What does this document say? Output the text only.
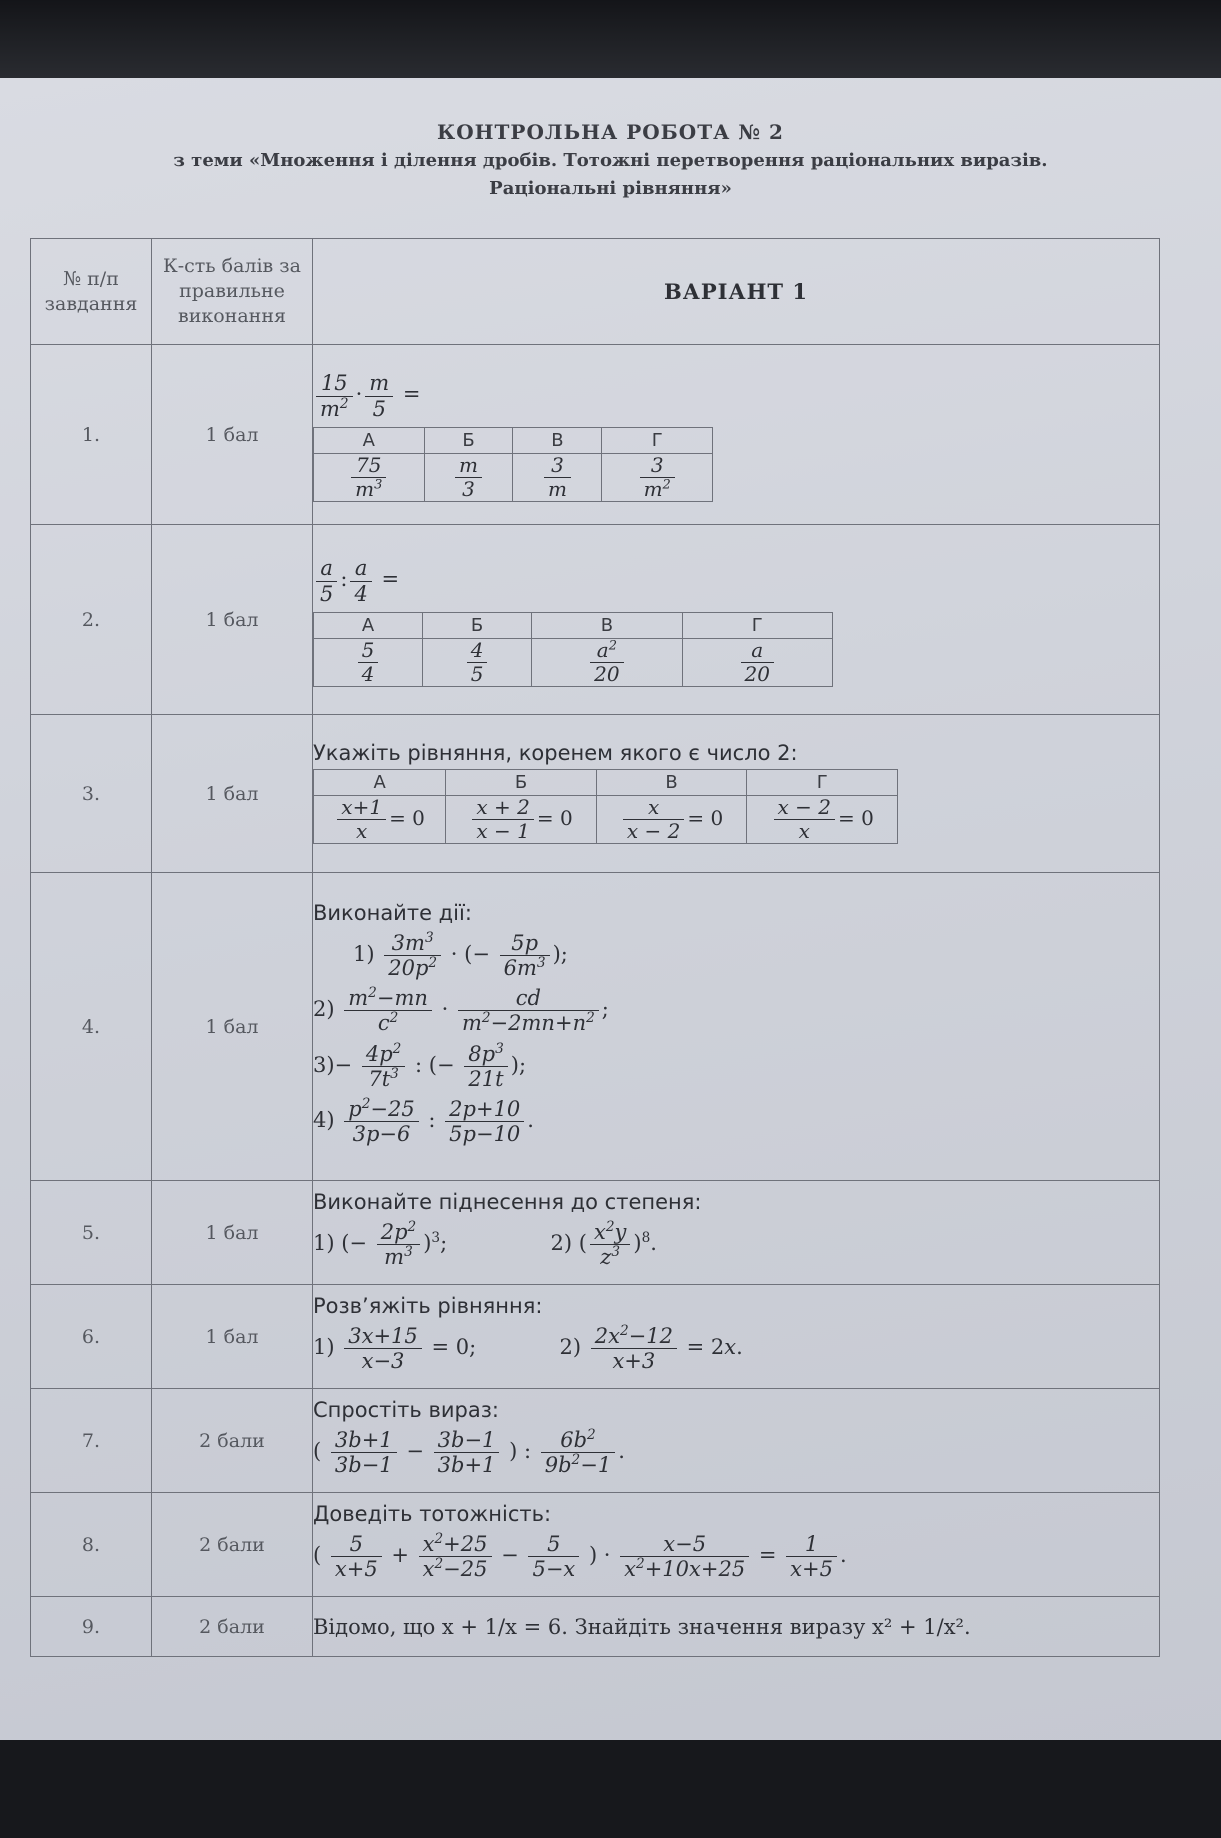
КОНТРОЛЬНА РОБОТА № 2
з теми «Множення і ділення дробів. Тотожні перетворення раціональних виразів.
Раціональні рівняння»
№ п/п завдання	К-сть балів за правильне виконання	ВАРІАНТ 1
1.	1 бал	
$\frac{15}{m^2} \cdot \frac{m}{5}$ =
А	Б	В	Г

$\frac{75}{m^3}$	$\frac{m}{3}$	$\frac{3}{m}$	$\frac{3}{m^2}$

2.	1 бал	
$\frac{a}{5}$ : $\frac{a}{4}$ =
А	Б	В	Г

$\frac{5}{4}$	$\frac{4}{5}$	$\frac{a^2}{20}$	$\frac{a}{20}$

3.	1 бал	
Укажіть рівняння, коренем якого є число 2:
А	Б	В	Г

$\frac{x+1}{x} = 0$	$\frac{x + 2}{x - 1} = 0$	$\frac{x}{x - 2} = 0$	$\frac{x - 2}{x} = 0$

4.	1 бал	
Виконайте дії:
$1) \frac{3m^3}{20p^2}$ · (− $\frac{5p}{6m^3}$ );
$2) \frac{m^2-mn}{c^2} \cdot \frac{cd}{m^2-2mn+n^2}$ ;
$3)- \frac{4p^2}{7t^3}$ : (− $\frac{8p^3}{21t}$ );
$4) \frac{p^2-25}{3p-6}$ : $\frac{2p+10}{5p-10}$ .

5.	1 бал	
Виконайте піднесення до степеня:
1) (− $\frac{2p^2}{m^3} )^3$;	2) ( $\frac{x^2y}{z^3} )^8$.

6.	1 бал	
Розв’яжіть рівняння:
$1) \frac{3x+15}{x-3} = 0$;	$2) \frac{2x^2-12}{x+3} = 2x$.

7.	2 бали	
Спростіть вираз:
( $\frac{3b+1}{3b-1} - \frac{3b-1}{3b+1}$ ) : $\frac{6b^2}{9b^2-1}$ .

8.	2 бали	
Доведіть тотожність:
( $\frac{5}{x+5} + \frac{x^2+25}{x^2-25} - \frac{5}{5-x}$ ) · $\frac{x-5}{x^2+10x+25} = \frac{1}{x+5}$ .

9.	2 бали	Відомо, що x + 1/x = 6. Знайдіть значення виразу x² + 1/x².
